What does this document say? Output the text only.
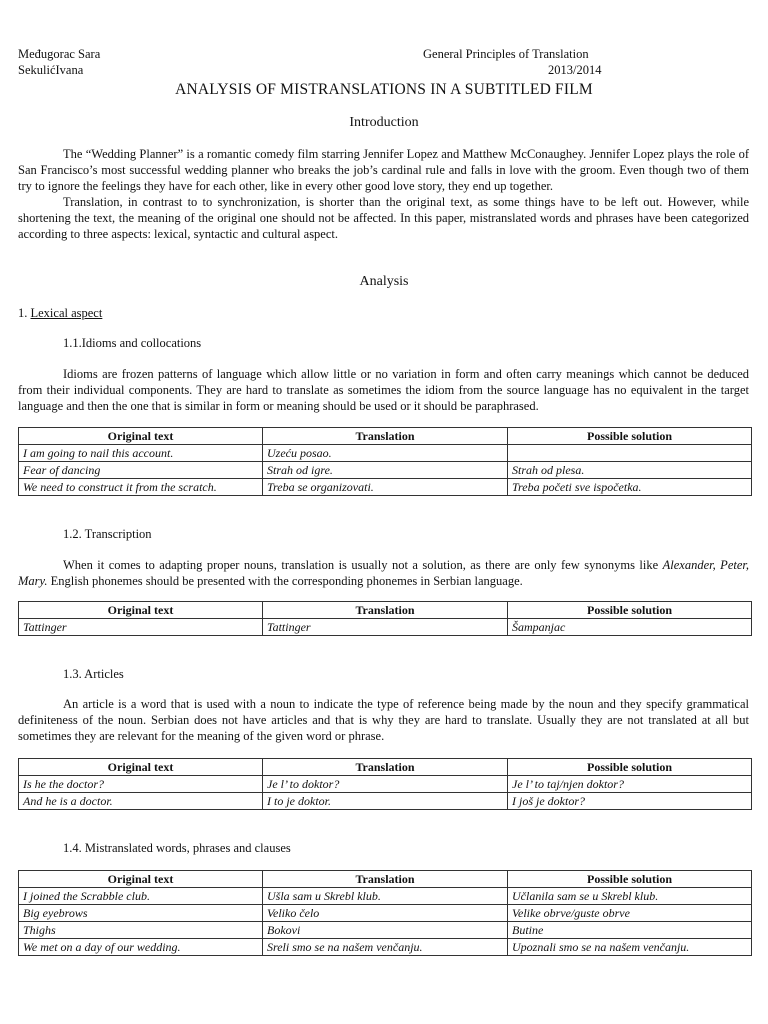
Međugorac Sara
SekulićIvana
General Principles of Translation
2013/2014
ANALYSIS OF MISTRANSLATIONS IN A SUBTITLED FILM
Introduction

The “Wedding Planner” is a romantic comedy film starring Jennifer Lopez and Matthew McConaughey. Jennifer Lopez plays the role of San Francisco’s most successful wedding planner who breaks the job’s cardinal rule and falls in love with the groom. Even though two of them try to ignore the feelings they have for each other, like in every other good love story, they end up together.

Translation, in contrast to to synchronization, is shorter than the original text, as some things have to be left out. However, while shortening the text, the meaning of the original one should not be affected. In this paper, mistranslated words and phrases have been categorized according to three aspects: lexical, syntactic and cultural aspect.

Analysis
1. Lexical aspect
1.1.Idioms and collocations

Idioms are frozen patterns of language which allow little or no variation in form and often carry meanings which cannot be deduced from their individual components. They are hard to translate as sometimes the idiom from the source language has no equivalent in the target language and then the one that is similar in form or meaning should be used or it should be paraphrased.

Original text	Translation	Possible solution
I am going to nail this account.	Uzeću posao.	
Fear of dancing	Strah od igre.	Strah od plesa.
We need to construct it from the scratch.	Treba se organizovati.	Treba početi sve ispočetka.
1.2. Transcription

When it comes to adapting proper nouns, translation is usually not a solution, as there are only few synonyms like Alexander, Peter, Mary. English phonemes should be presented with the corresponding phonemes in Serbian language.

Original text	Translation	Possible solution
Tattinger	Tattinger	Šampanjac
1.3. Articles

An article is a word that is used with a noun to indicate the type of reference being made by the noun and they specify grammatical definiteness of the noun. Serbian does not have articles and that is why they are hard to translate. Usually they are not translated at all but sometimes they are relevant for the meaning of the given word or phrase.

Original text	Translation	Possible solution
Is he the doctor?	Je l’ to doktor?	Je l’ to taj/njen doktor?
And he is a doctor.	I to je doktor.	I još je doktor?
1.4. Mistranslated words, phrases and clauses
Original text	Translation	Possible solution
I joined the Scrabble club.	Ušla sam u Skrebl klub.	Učlanila sam se u Skrebl klub.
Big eyebrows	Veliko čelo	Velike obrve/guste obrve
Thighs	Bokovi	Butine
We met on a day of our wedding.	Sreli smo se na našem venčanju.	Upoznali smo se na našem venčanju.
